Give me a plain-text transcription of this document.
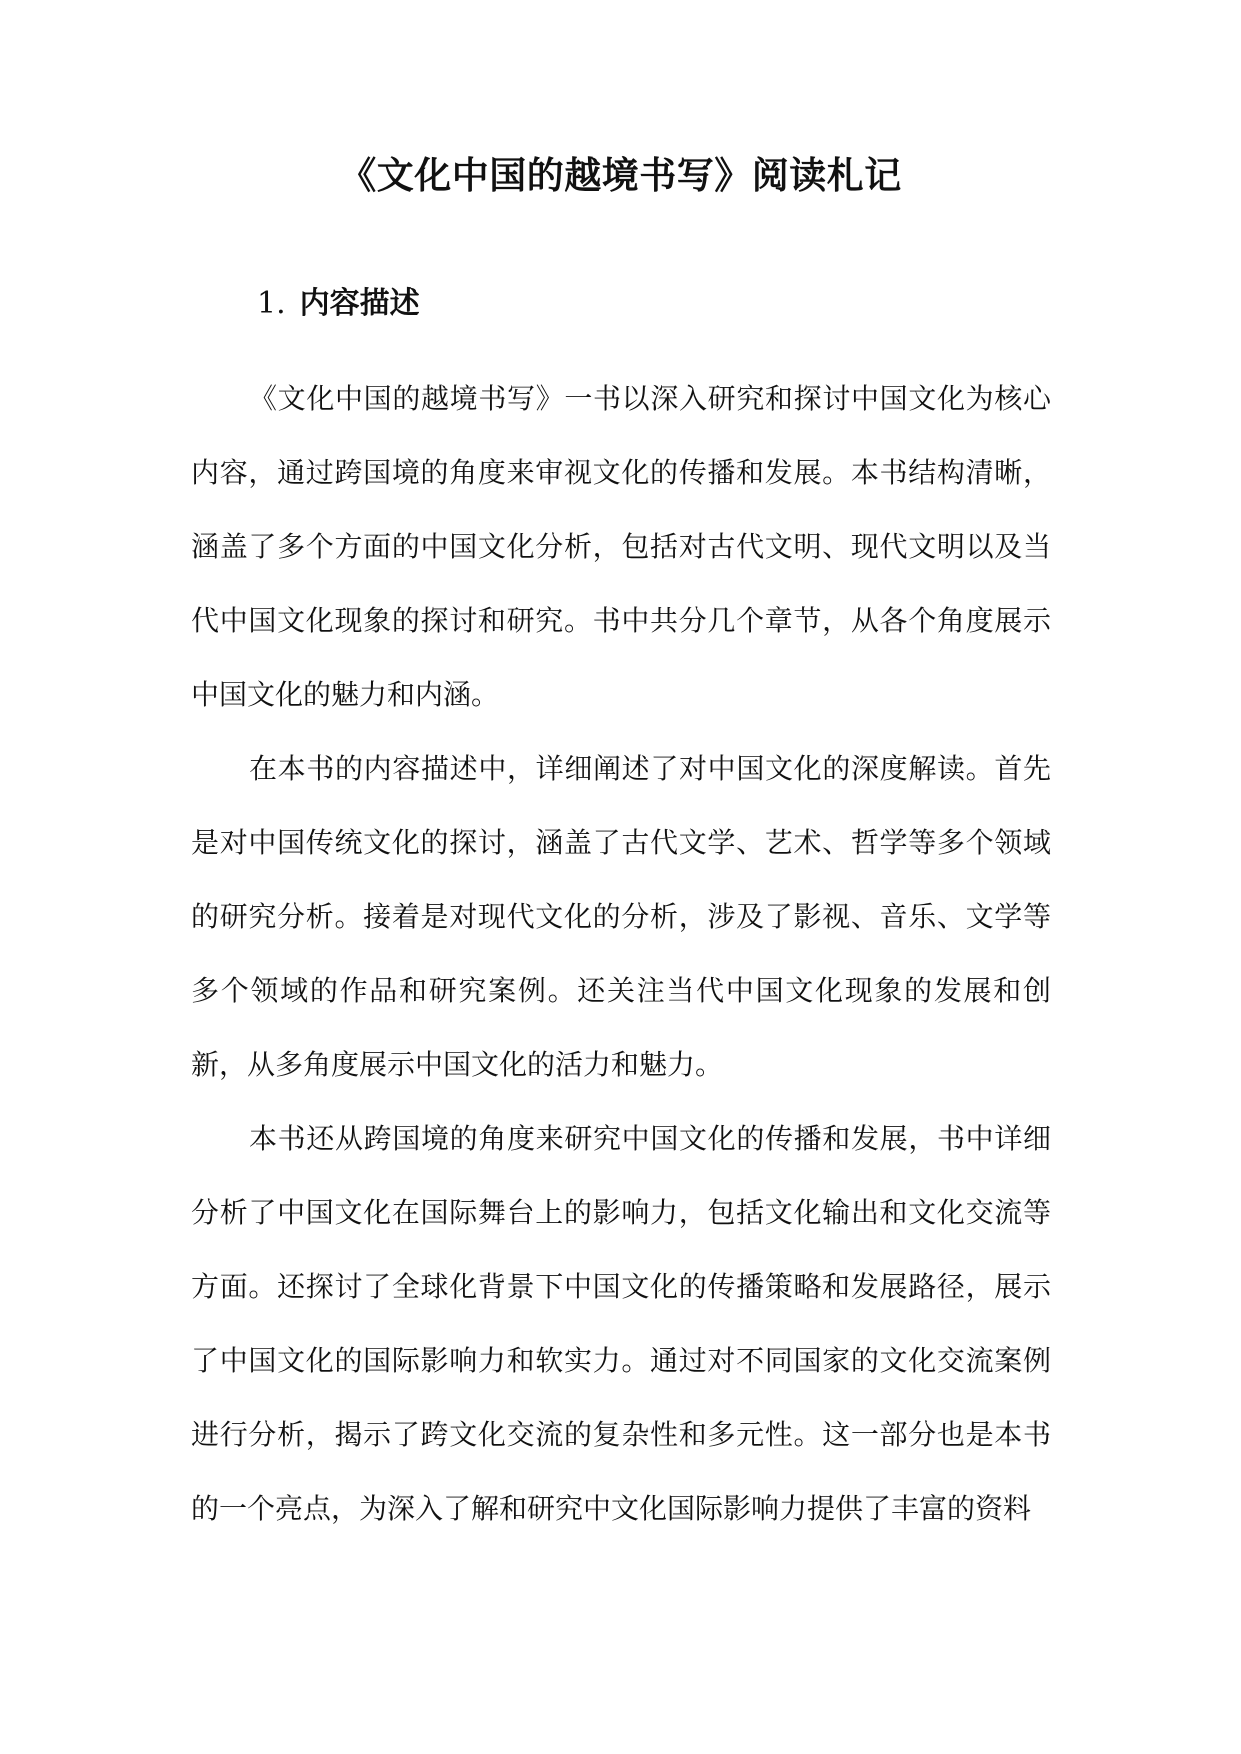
《文化中国的越境书写》阅读札记
1. 内容描述

《文化中国的越境书写》一书以深入研究和探讨中国文化为核心内容，通过跨国境的角度来审视文化的传播和发展。本书结构清晰，涵盖了多个方面的中国文化分析，包括对古代文明、现代文明以及当代中国文化现象的探讨和研究。书中共分几个章节，从各个角度展示中国文化的魅力和内涵。

在本书的内容描述中，详细阐述了对中国文化的深度解读。首先是对中国传统文化的探讨，涵盖了古代文学、艺术、哲学等多个领域的研究分析。接着是对现代文化的分析，涉及了影视、音乐、文学等多个领域的作品和研究案例。还关注当代中国文化现象的发展和创新，从多角度展示中国文化的活力和魅力。

本书还从跨国境的角度来研究中国文化的传播和发展，书中详细分析了中国文化在国际舞台上的影响力，包括文化输出和文化交流等方面。还探讨了全球化背景下中国文化的传播策略和发展路径，展示了中国文化的国际影响力和软实力。通过对不同国家的文化交流案例进行分析，揭示了跨文化交流的复杂性和多元性。这一部分也是本书的一个亮点，为深入了解和研究中文化国际影响力提供了丰富的资料
